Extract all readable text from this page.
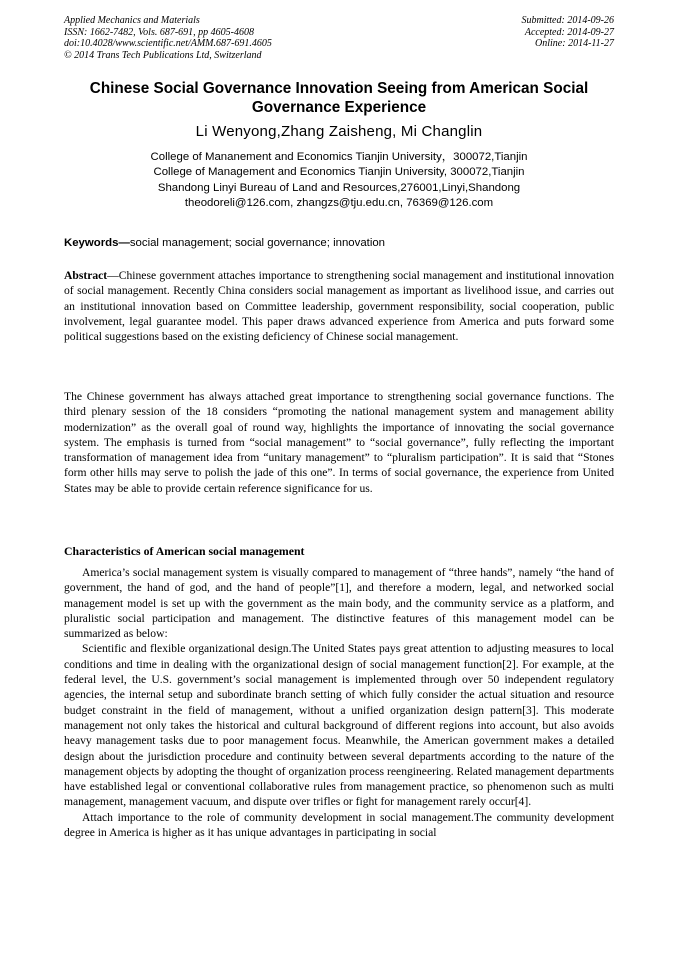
Applied Mechanics and Materials
ISSN: 1662-7482, Vols. 687-691, pp 4605-4608
doi:10.4028/www.scientific.net/AMM.687-691.4605
© 2014 Trans Tech Publications Ltd, Switzerland
Submitted: 2014-09-26
Accepted: 2014-09-27
Online: 2014-11-27
Chinese Social Governance Innovation Seeing from American Social Governance Experience
Li Wenyong,Zhang Zaisheng, Mi Changlin
College of Mananement and Economics Tianjin University，300072,Tianjin
College of Management and Economics Tianjin University, 300072,Tianjin
Shandong Linyi Bureau of Land and Resources,276001,Linyi,Shandong
theodoreli@126.com, zhangzs@tju.edu.cn, 76369@126.com
Keywords—social management; social governance; innovation
Abstract—Chinese government attaches importance to strengthening social management and institutional innovation of social management. Recently China considers social management as important as livelihood issue, and carries out an institutional innovation based on Committee leadership, government responsibility, social cooperation, public involvement, legal guarantee model. This paper draws advanced experience from America and puts forward some political suggestions based on the existing deficiency of Chinese social management.
The Chinese government has always attached great importance to strengthening social governance functions. The third plenary session of the 18 considers “promoting the national management system and management ability modernization” as the overall goal of round way, highlights the importance of innovating the social governance system. The emphasis is turned from “social management” to “social governance”, fully reflecting the important transformation of management idea from “unitary management” to “pluralism participation”. It is said that “Stones form other hills may serve to polish the jade of this one”. In terms of social governance, the experience from United States may be able to provide certain reference significance for us.
Characteristics of American social management

America’s social management system is visually compared to management of “three hands”, namely “the hand of government, the hand of god, and the hand of people”[1], and therefore a modern, legal, and networked social management model is set up with the government as the main body, and the community service as a platform, and pluralistic social participation and management. The distinctive features of this management model can be summarized as below:

Scientific and flexible organizational design.The United States pays great attention to adjusting measures to local conditions and time in dealing with the organizational design of social management function[2]. For example, at the federal level, the U.S. government’s social management is implemented through over 50 independent regulatory agencies, the internal setup and subordinate branch setting of which fully consider the actual situation and resource budget constraint in the field of management, without a unified organization design pattern[3]. This moderate management not only takes the historical and cultural background of different regions into account, but also avoids heavy management tasks due to poor management focus. Meanwhile, the American government makes a detailed design about the jurisdiction procedure and continuity between several departments according to the nature of the management objects by adopting the thought of organization process reengineering. Related management departments have established legal or conventional collaborative rules from management practice, so phenomenon such as multi management, management vacuum, and dispute over trifles or fight for management rarely occur[4].

Attach importance to the role of community development in social management.The community development degree in America is higher as it has unique advantages in participating in social
